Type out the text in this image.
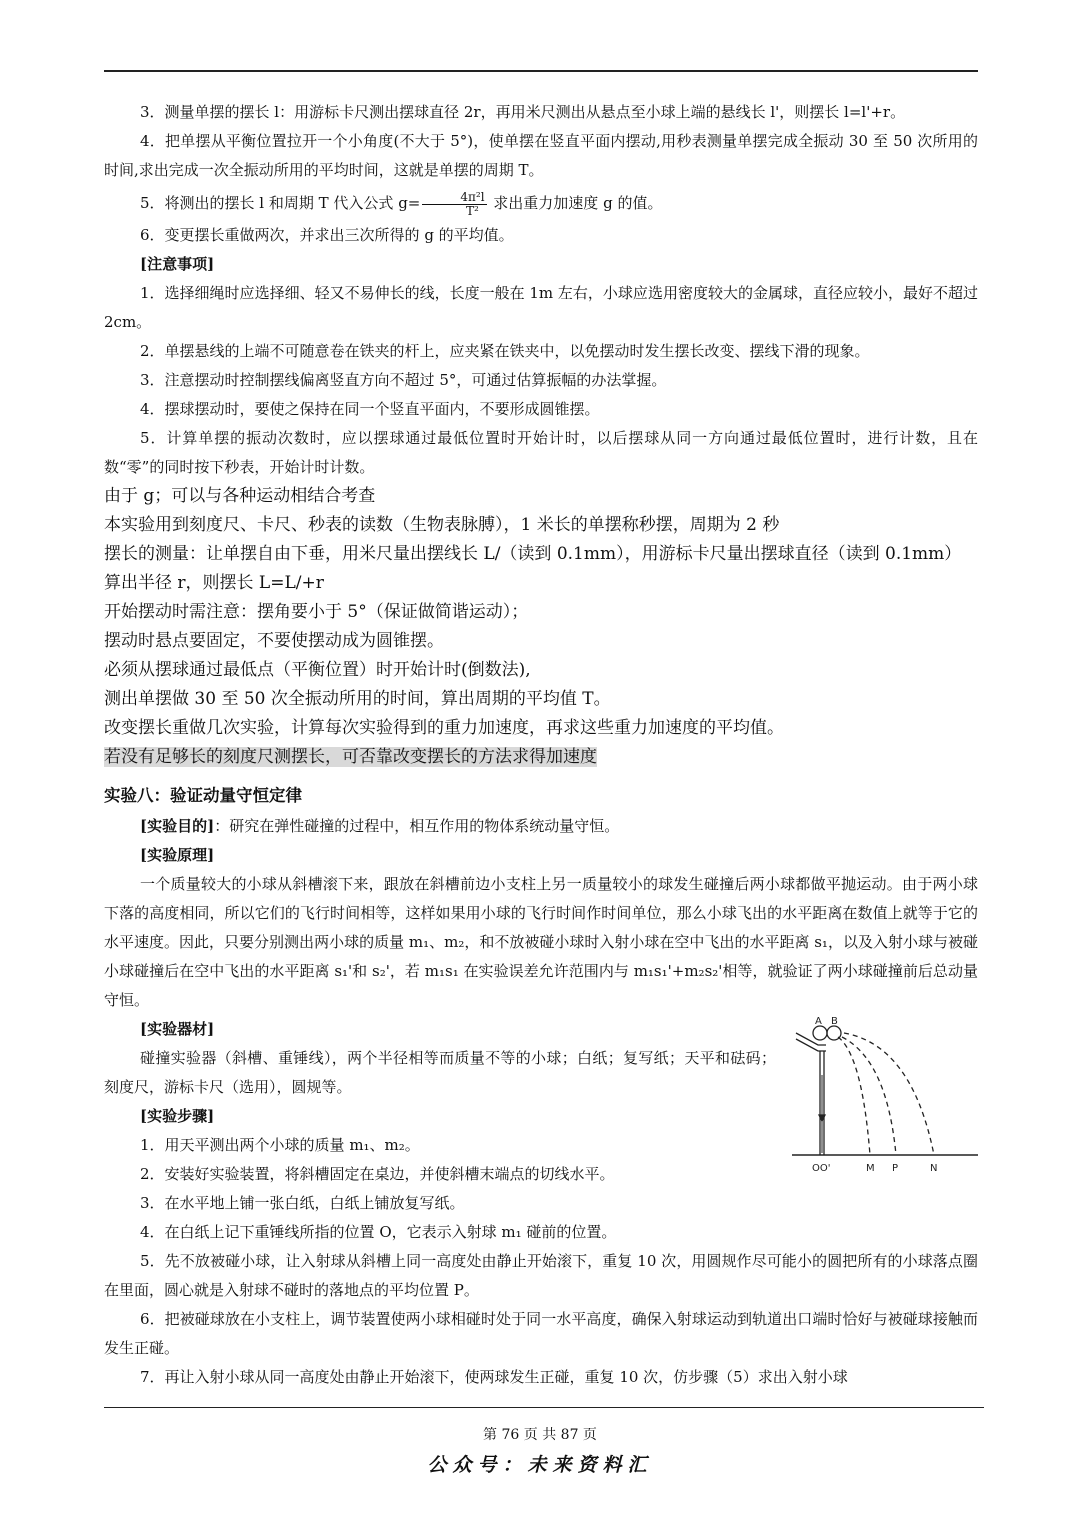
3．测量单摆的摆长 l：用游标卡尺测出摆球直径 2r，再用米尺测出从悬点至小球上端的悬线长 l'，则摆长 l=l'+r。

4．把单摆从平衡位置拉开一个小角度(不大于 5°)，使单摆在竖直平面内摆动,用秒表测量单摆完成全振动 30 至 50 次所用的时间,求出完成一次全振动所用的平均时间，这就是单摆的周期 T。

5．将测出的摆长 l 和周期 T 代入公式 $g= \frac{\text{4π²l}}{\text{T²}}$ 求出重力加速度 g 的值。

6．变更摆长重做两次，并求出三次所得的 g 的平均值。

[注意事项]

1．选择细绳时应选择细、轻又不易伸长的线，长度一般在 1m 左右，小球应选用密度较大的金属球，直径应较小，最好不超过 2cm。

2．单摆悬线的上端不可随意卷在铁夹的杆上，应夹紧在铁夹中，以免摆动时发生摆长改变、摆线下滑的现象。

3．注意摆动时控制摆线偏离竖直方向不超过 5°，可通过估算振幅的办法掌握。

4．摆球摆动时，要使之保持在同一个竖直平面内，不要形成圆锥摆。

5．计算单摆的振动次数时，应以摆球通过最低位置时开始计时，以后摆球从同一方向通过最低位置时，进行计数，且在数“零”的同时按下秒表，开始计时计数。

由于 g；可以与各种运动相结合考查

本实验用到刻度尺、卡尺、秒表的读数（生物表脉膊），1 米长的单摆称秒摆，周期为 2 秒

摆长的测量：让单摆自由下垂，用米尺量出摆线长 L/（读到 0.1mm），用游标卡尺量出摆球直径（读到 0.1mm）算出半径 r，则摆长 L=L/+r

开始摆动时需注意：摆角要小于 5°（保证做简谐运动）；

摆动时悬点要固定，不要使摆动成为圆锥摆。

必须从摆球通过最低点（平衡位置）时开始计时(倒数法),

测出单摆做 30 至 50 次全振动所用的时间，算出周期的平均值 T。

改变摆长重做几次实验，计算每次实验得到的重力加速度，再求这些重力加速度的平均值。

若没有足够长的刻度尺测摆长，可否靠改变摆长的方法求得加速度

实验八：验证动量守恒定律

[实验目的]：研究在弹性碰撞的过程中，相互作用的物体系统动量守恒。

[实验原理]

一个质量较大的小球从斜槽滚下来，跟放在斜槽前边小支柱上另一质量较小的球发生碰撞后两小球都做平抛运动。由于两小球下落的高度相同，所以它们的飞行时间相等，这样如果用小球的飞行时间作时间单位，那么小球飞出的水平距离在数值上就等于它的水平速度。因此，只要分别测出两小球的质量 m₁、m₂，和不放被碰小球时入射小球在空中飞出的水平距离 s₁，以及入射小球与被碰小球碰撞后在空中飞出的水平距离 s₁'和 s₂'，若 m₁s₁ 在实验误差允许范围内与 m₁s₁'+m₂s₂'相等，就验证了两小球碰撞前后总动量守恒。

A B
OO'	M P	N

[实验器材]

碰撞实验器（斜槽、重锤线），两个半径相等而质量不等的小球；白纸；复写纸；天平和砝码；刻度尺，游标卡尺（选用），圆规等。

[实验步骤]

1．用天平测出两个小球的质量 m₁、m₂。

2．安装好实验装置，将斜槽固定在桌边，并使斜槽末端点的切线水平。

3．在水平地上铺一张白纸，白纸上铺放复写纸。

4．在白纸上记下重锤线所指的位置 O，它表示入射球 m₁ 碰前的位置。

5．先不放被碰小球，让入射球从斜槽上同一高度处由静止开始滚下，重复 10 次，用圆规作尽可能小的圆把所有的小球落点圈在里面，圆心就是入射球不碰时的落地点的平均位置 P。

6．把被碰球放在小支柱上，调节装置使两小球相碰时处于同一水平高度，确保入射球运动到轨道出口端时恰好与被碰球接触而发生正碰。

7．再让入射小球从同一高度处由静止开始滚下，使两球发生正碰，重复 10 次，仿步骤（5）求出入射小球

第 76 页 共 87 页
公众号：未来资料汇
